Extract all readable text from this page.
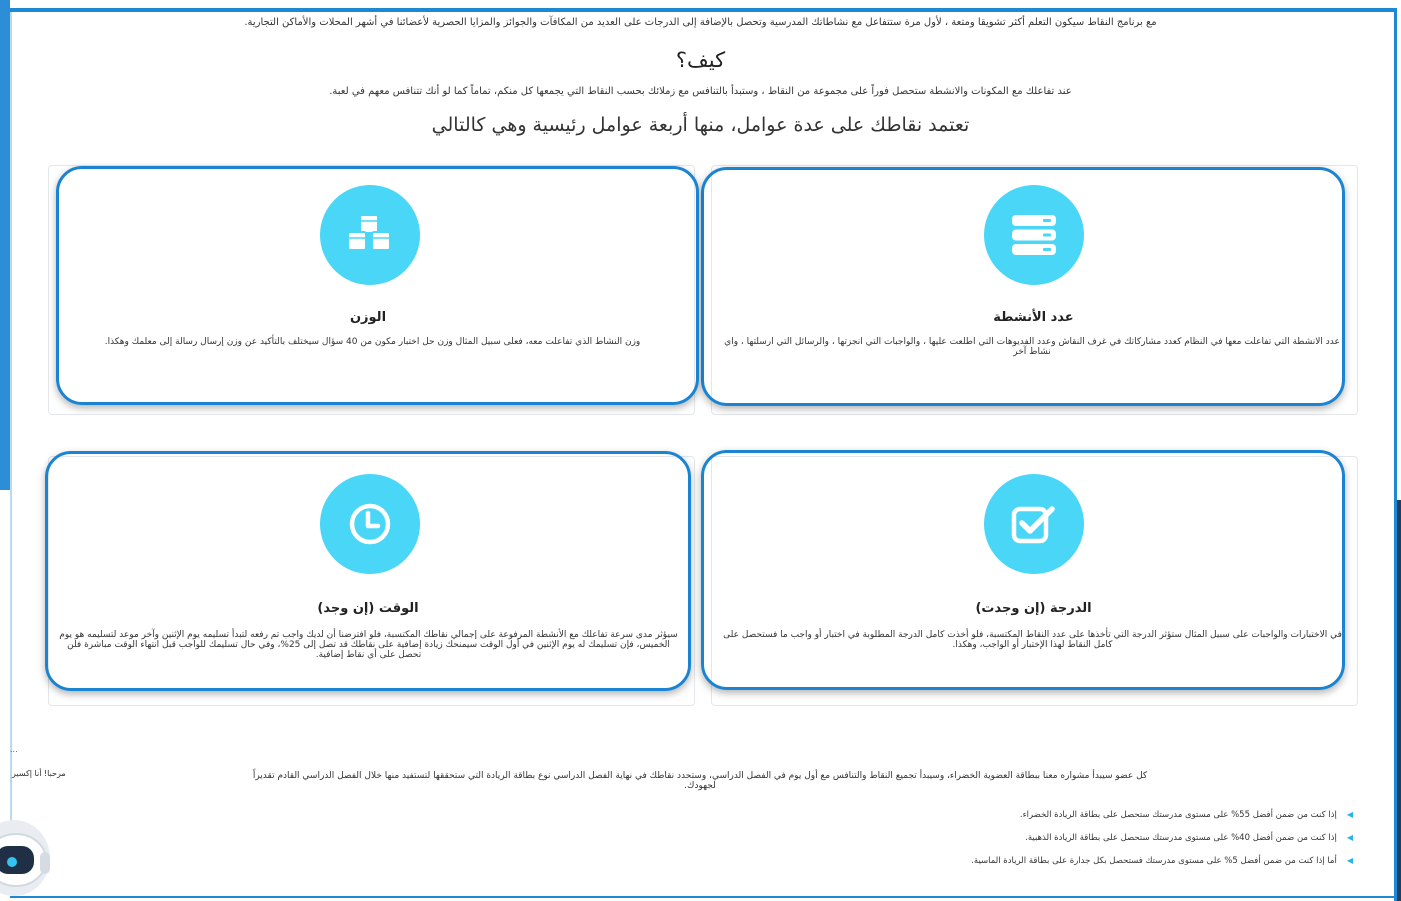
مع برنامج النقاط سيكون التعلم أكثر تشويقا ومتعة ، لأول مرة ستتفاعل مع نشاطاتك المدرسية وتحصل بالإضافة إلى الدرجات على العديد من المكافآت والجوائز والمزايا الحصرية لأعضائنا في أشهر المحلات والأماكن التجارية.
كيف؟
عند تفاعلك مع المكونات والانشطة ستحصل فوراً على مجموعة من النقاط ، وستبدأ بالتنافس مع زملائك بحسب النقاط التي يجمعها كل منكم، تماماً كما لو أنك تتنافس معهم في لعبة.
تعتمد نقاطك على عدة عوامل، منها أربعة عوامل رئيسية وهي كالتالي
عدد الأنشطة
عدد الانشطة التي تفاعلت معها في النظام كعدد مشاركاتك في غرف النقاش وعدد الفديوهات التي اطلعت عليها ، والواجبات التي انجزتها ، والرسائل التي ارسلتها ، واي نشاط آخر
الوزن
وزن النشاط الذي تفاعلت معه، فعلى سبيل المثال وزن حل اختبار مكون من 40 سؤال سيختلف بالتأكيد عن وزن إرسال رسالة إلى معلمك وهكذا.
الدرجة (إن وجدت)
في الاختبارات والواجبات على سبيل المثال ستؤثر الدرجة التي تأخذها على عدد النقاط المكتسبة، فلو أخذت كامل الدرجة المطلوبة في اختبار أو واجب ما فستحصل على كامل النقاط لهذا الإختبار أو الواجب، وهكذا.
الوقت (إن وجد)
سيؤثر مدى سرعة تفاعلك مع الأنشطة المرفوعة على إجمالي نقاطك المكتسبة، فلو افترضنا أن لديك واجب تم رفعه لتبدأ تسليمه يوم الإثنين وآخر موعد لتسليمه هو يوم الخميس، فإن تسليمك له يوم الإثنين في أول الوقت سيمنحك زيادة إضافية على نقاطك قد تصل إلى 25%، وفي حال تسليمك للواجب قبل انتهاء الوقت مباشرة فلن تحصل على أي نقاط إضافية.
كل عضو سيبدأ مشواره معنا ببطاقة العضوية الخضراء، وسيبدأ تجميع النقاط والتنافس مع أول يوم في الفصل الدراسي، وستحدد نقاطك في نهاية الفصل الدراسي نوع بطاقة الريادة التي ستحققها لتستفيد منها خلال الفصل الدراسي القادم تقديراً لجهودك.
◀
إذا كنت من ضمن أفضل 55% على مستوى مدرستك ستحصل على بطاقة الريادة الخضراء.
◀
إذا كنت من ضمن أفضل 40% على مستوى مدرستك ستحصل على بطاقة الريادة الذهبية.
◀
أما إذا كنت من ضمن أفضل 5% على مستوى مدرستك فستحصل بكل جدارة على بطاقة الريادة الماسية.
...
مرحبا! أنا إكسير
